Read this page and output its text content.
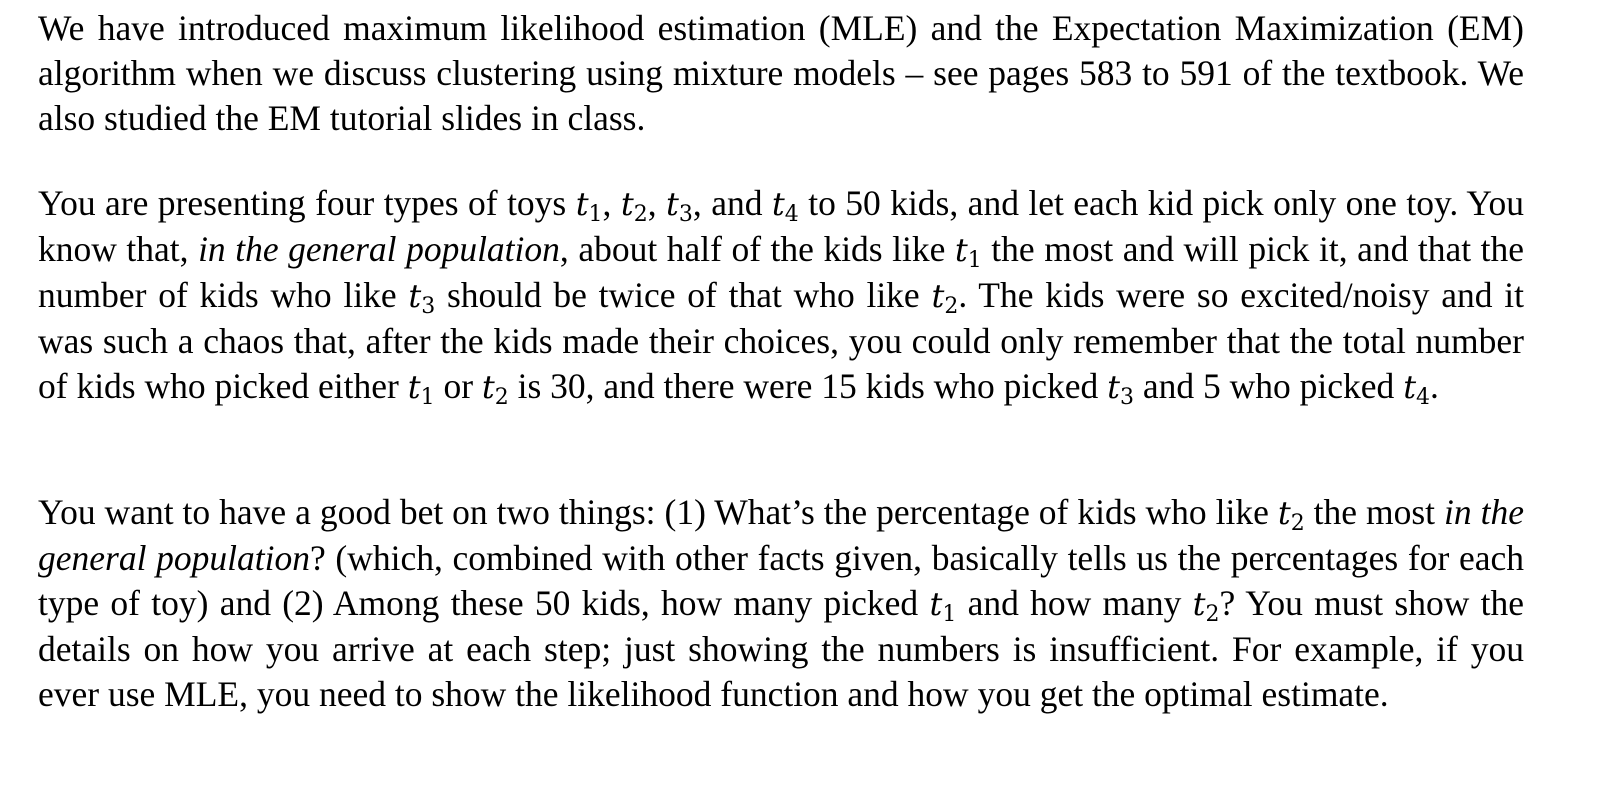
We have introduced maximum likelihood estimation (MLE) and the Expectation Maximization (EM) algorithm when we discuss clustering using mixture models – see pages 583 to 591 of the textbook. We also studied the EM tutorial slides in class.

You are presenting four types of toys $t_1$, $t_2$, $t_3$, and $t_4$ to 50 kids, and let each kid pick only one toy. You know that, in the general population, about half of the kids like $t_1$ the most and will pick it, and that the number of kids who like $t_3$ should be twice of that who like $t_2$. The kids were so excited/noisy and it was such a chaos that, after the kids made their choices, you could only remember that the total number of kids who picked either $t_1$ or $t_2$ is 30, and there were 15 kids who picked $t_3$ and 5 who picked $t_4$.

You want to have a good bet on two things: (1) What’s the percentage of kids who like $t_2$ the most in the general population? (which, combined with other facts given, basically tells us the percentages for each type of toy) and (2) Among these 50 kids, how many picked $t_1$ and how many $t_2$? You must show the details on how you arrive at each step; just showing the numbers is insufficient. For example, if you ever use MLE, you need to show the likelihood function and how you get the optimal estimate.
